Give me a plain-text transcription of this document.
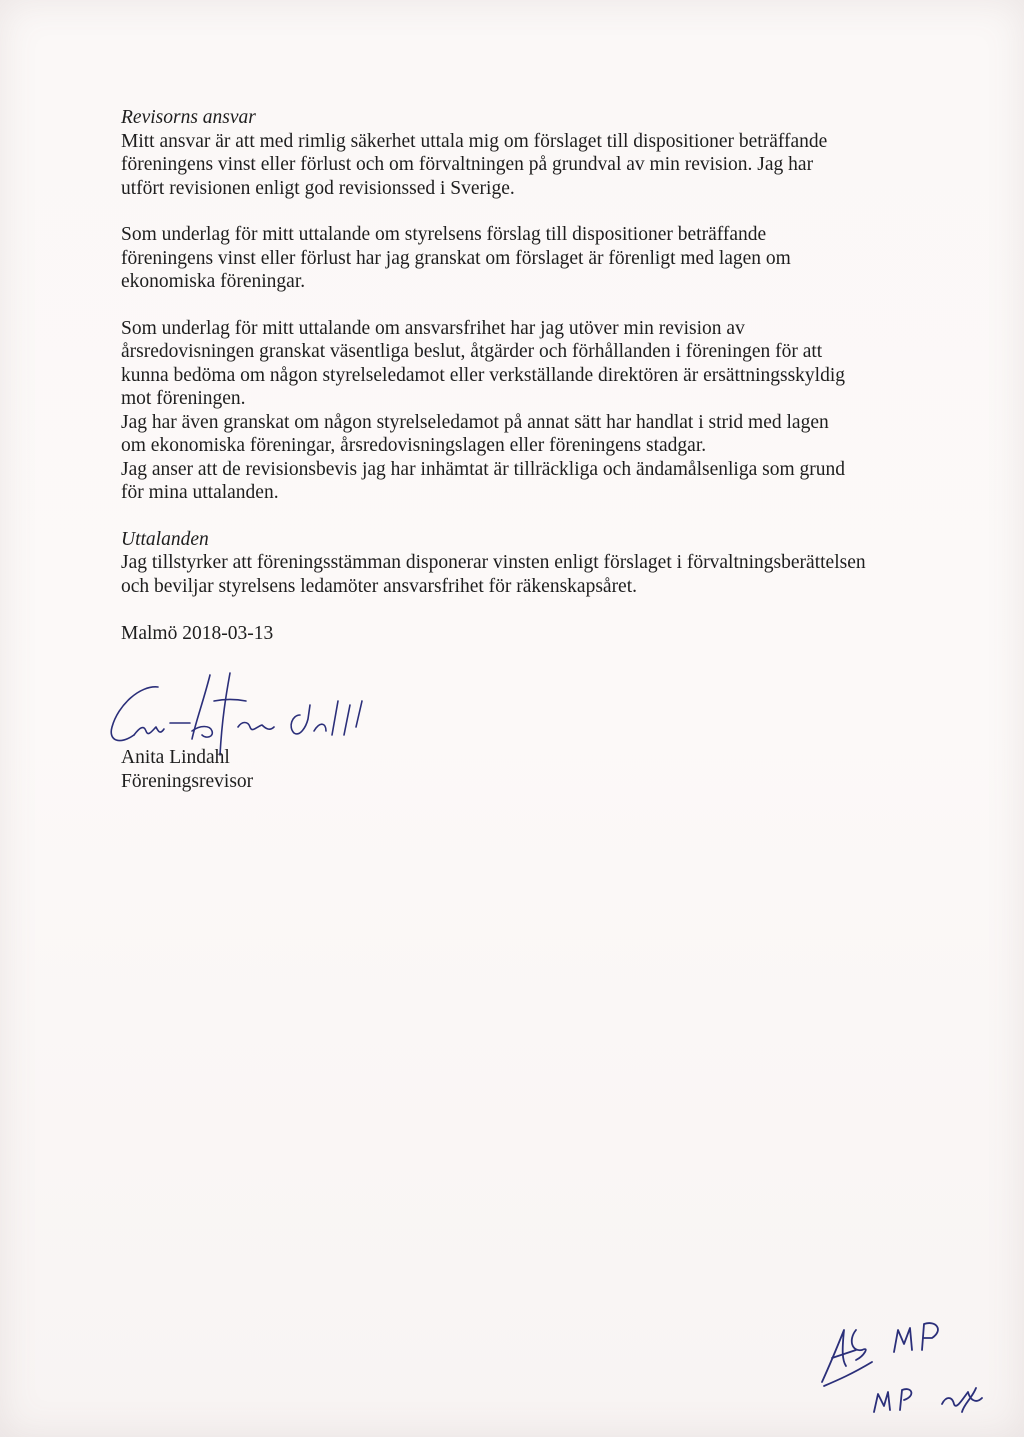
Revisorns ansvar

Mitt ansvar är att med rimlig säkerhet uttala mig om förslaget till dispositioner beträffande
föreningens vinst eller förlust och om förvaltningen på grundval av min revision. Jag har
utfört revisionen enligt god revisionssed i Sverige.

Som underlag för mitt uttalande om styrelsens förslag till dispositioner beträffande
föreningens vinst eller förlust har jag granskat om förslaget är förenligt med lagen om
ekonomiska föreningar.

Som underlag för mitt uttalande om ansvarsfrihet har jag utöver min revision av
årsredovisningen granskat väsentliga beslut, åtgärder och förhållanden i föreningen för att
kunna bedöma om någon styrelseledamot eller verkställande direktören är ersättningsskyldig
mot föreningen.
Jag har även granskat om någon styrelseledamot på annat sätt har handlat i strid med lagen
om ekonomiska föreningar, årsredovisningslagen eller föreningens stadgar.
Jag anser att de revisionsbevis jag har inhämtat är tillräckliga och ändamålsenliga som grund
för mina uttalanden.

Uttalanden

Jag tillstyrker att föreningsstämman disponerar vinsten enligt förslaget i förvaltningsberättelsen
och beviljar styrelsens ledamöter ansvarsfrihet för räkenskapsåret.

Malmö 2018-03-13

Anita Lindahl
Föreningsrevisor
